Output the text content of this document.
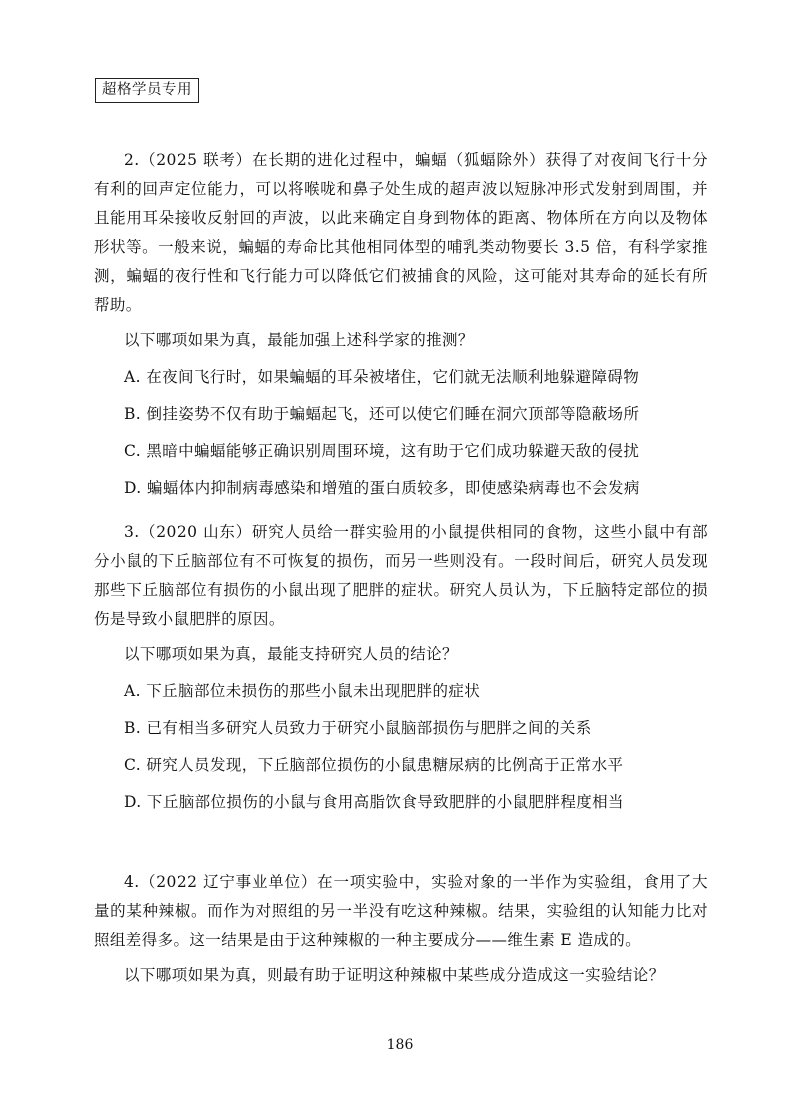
超格学员专用

2.（2025 联考）在长期的进化过程中，蝙蝠（狐蝠除外）获得了对夜间飞行十分有利的回声定位能力，可以将喉咙和鼻子处生成的超声波以短脉冲形式发射到周围，并且能用耳朵接收反射回的声波，以此来确定自身到物体的距离、物体所在方向以及物体形状等。一般来说，蝙蝠的寿命比其他相同体型的哺乳类动物要长 3.5 倍，有科学家推测，蝙蝠的夜行性和飞行能力可以降低它们被捕食的风险，这可能对其寿命的延长有所帮助。

以下哪项如果为真，最能加强上述科学家的推测？

A. 在夜间飞行时，如果蝙蝠的耳朵被堵住，它们就无法顺利地躲避障碍物

B. 倒挂姿势不仅有助于蝙蝠起飞，还可以使它们睡在洞穴顶部等隐蔽场所

C. 黑暗中蝙蝠能够正确识别周围环境，这有助于它们成功躲避天敌的侵扰

D. 蝙蝠体内抑制病毒感染和增殖的蛋白质较多，即使感染病毒也不会发病

3.（2020 山东）研究人员给一群实验用的小鼠提供相同的食物，这些小鼠中有部分小鼠的下丘脑部位有不可恢复的损伤，而另一些则没有。一段时间后，研究人员发现那些下丘脑部位有损伤的小鼠出现了肥胖的症状。研究人员认为，下丘脑特定部位的损伤是导致小鼠肥胖的原因。

以下哪项如果为真，最能支持研究人员的结论？

A. 下丘脑部位未损伤的那些小鼠未出现肥胖的症状

B. 已有相当多研究人员致力于研究小鼠脑部损伤与肥胖之间的关系

C. 研究人员发现，下丘脑部位损伤的小鼠患糖尿病的比例高于正常水平

D. 下丘脑部位损伤的小鼠与食用高脂饮食导致肥胖的小鼠肥胖程度相当

4.（2022 辽宁事业单位）在一项实验中，实验对象的一半作为实验组，食用了大量的某种辣椒。而作为对照组的另一半没有吃这种辣椒。结果，实验组的认知能力比对照组差得多。这一结果是由于这种辣椒的一种主要成分——维生素 E 造成的。

以下哪项如果为真，则最有助于证明这种辣椒中某些成分造成这一实验结论？

186
